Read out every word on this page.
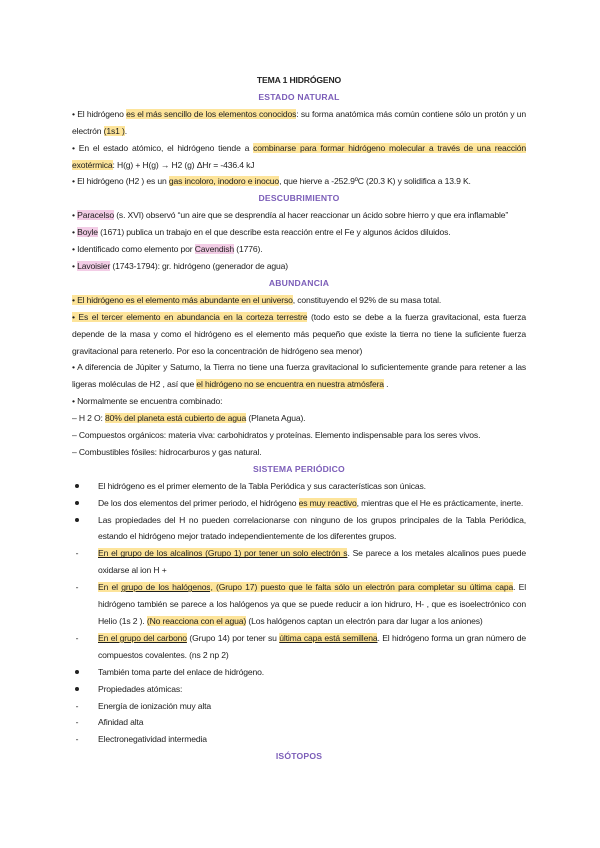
TEMA 1 HIDRÓGENO
ESTADO NATURAL

• El hidrógeno es el más sencillo de los elementos conocidos: su forma anatómica más común contiene sólo un protón y un electrón (1s1 ).

• En el estado atómico, el hidrógeno tiende a combinarse para formar hidrógeno molecular a través de una reacción exotérmica: H(g) + H(g) → H2 (g) ΔHr = -436.4 kJ

• El hidrógeno (H2 ) es un gas incoloro, inodoro e inocuo, que hierve a -252.9ºC (20.3 K) y solidifica a 13.9 K.

DESCUBRIMIENTO

• Paracelso (s. XVI) observó “un aire que se desprendía al hacer reaccionar un ácido sobre hierro y que era inflamable”

• Boyle (1671) publica un trabajo en el que describe esta reacción entre el Fe y algunos ácidos diluidos.

• Identificado como elemento por Cavendish (1776).

• Lavoisier (1743-1794): gr. hidrógeno (generador de agua)

ABUNDANCIA

• El hidrógeno es el elemento más abundante en el universo, constituyendo el 92% de su masa total.

• Es el tercer elemento en abundancia en la corteza terrestre (todo esto se debe a la fuerza gravitacional, esta fuerza depende de la masa y como el hidrógeno es el elemento más pequeño que existe la tierra no tiene la suficiente fuerza gravitacional para retenerlo. Por eso la concentración de hidrógeno sea menor)

• A diferencia de Júpiter y Saturno, la Tierra no tiene una fuerza gravitacional lo suficientemente grande para retener a las ligeras moléculas de H2 , así que el hidrógeno no se encuentra en nuestra atmósfera .

• Normalmente se encuentra combinado:

– H 2 O: 80% del planeta está cubierto de agua (Planeta Agua).

– Compuestos orgánicos: materia viva: carbohidratos y proteínas. Elemento indispensable para los seres vivos.

– Combustibles fósiles: hidrocarburos y gas natural.

SISTEMA PERIÓDICO
El hidrógeno es el primer elemento de la Tabla Periódica y sus características son únicas.
De los dos elementos del primer periodo, el hidrógeno es muy reactivo, mientras que el He es prácticamente, inerte.
Las propiedades del H no pueden correlacionarse con ninguno de los grupos principales de la Tabla Periódica, estando el hidrógeno mejor tratado independientemente de los diferentes grupos.
-	En el grupo de los alcalinos (Grupo 1) por tener un solo electrón s. Se parece a los metales alcalinos pues puede oxidarse al ion H +
-	En el grupo de los halógenos, (Grupo 17) puesto que le falta sólo un electrón para completar su última capa. El hidrógeno también se parece a los halógenos ya que se puede reducir a ion hidruro, H- , que es isoelectrónico con Helio (1s 2 ). (No reacciona con el agua) (Los halógenos captan un electrón para dar lugar a los aniones)
-	En el grupo del carbono (Grupo 14) por tener su última capa está semillena. El hidrógeno forma un gran número de compuestos covalentes. (ns 2 np 2)
También toma parte del enlace de hidrógeno.
Propiedades atómicas:
-	Energía de ionización muy alta
-	Afinidad alta
-	Electronegatividad intermedia
ISÓTOPOS
